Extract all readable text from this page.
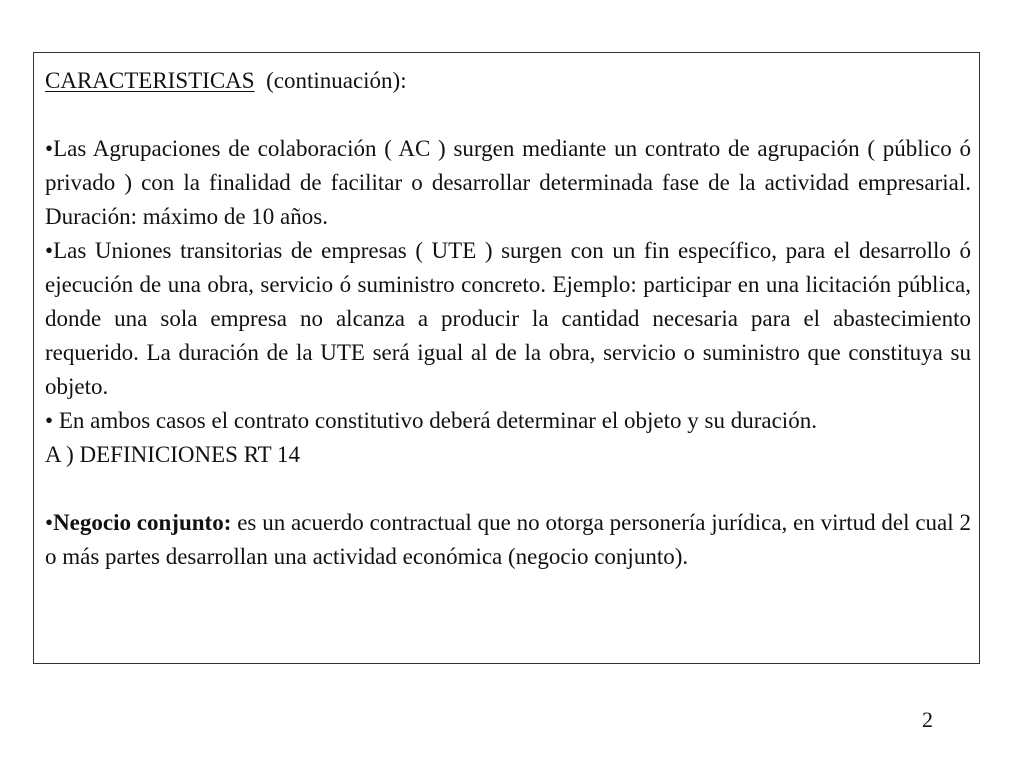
CARACTERISTICAS (continuación):

•Las Agrupaciones de colaboración ( AC ) surgen mediante un contrato de agrupación ( público ó privado ) con la finalidad de facilitar o desarrollar determinada fase de la actividad empresarial. Duración: máximo de 10 años.

•Las Uniones transitorias de empresas ( UTE ) surgen con un fin específico, para el desarrollo ó ejecución de una obra, servicio ó suministro concreto. Ejemplo: participar en una licitación pública, donde una sola empresa no alcanza a producir la cantidad necesaria para el abastecimiento requerido. La duración de la UTE será igual al de la obra, servicio o suministro que constituya su objeto.

• En ambos casos el contrato constitutivo deberá determinar el objeto y su duración.

A ) DEFINICIONES RT 14

•Negocio conjunto: es un acuerdo contractual que no otorga personería jurídica, en virtud del cual 2 o más partes desarrollan una actividad económica (negocio conjunto).

2
